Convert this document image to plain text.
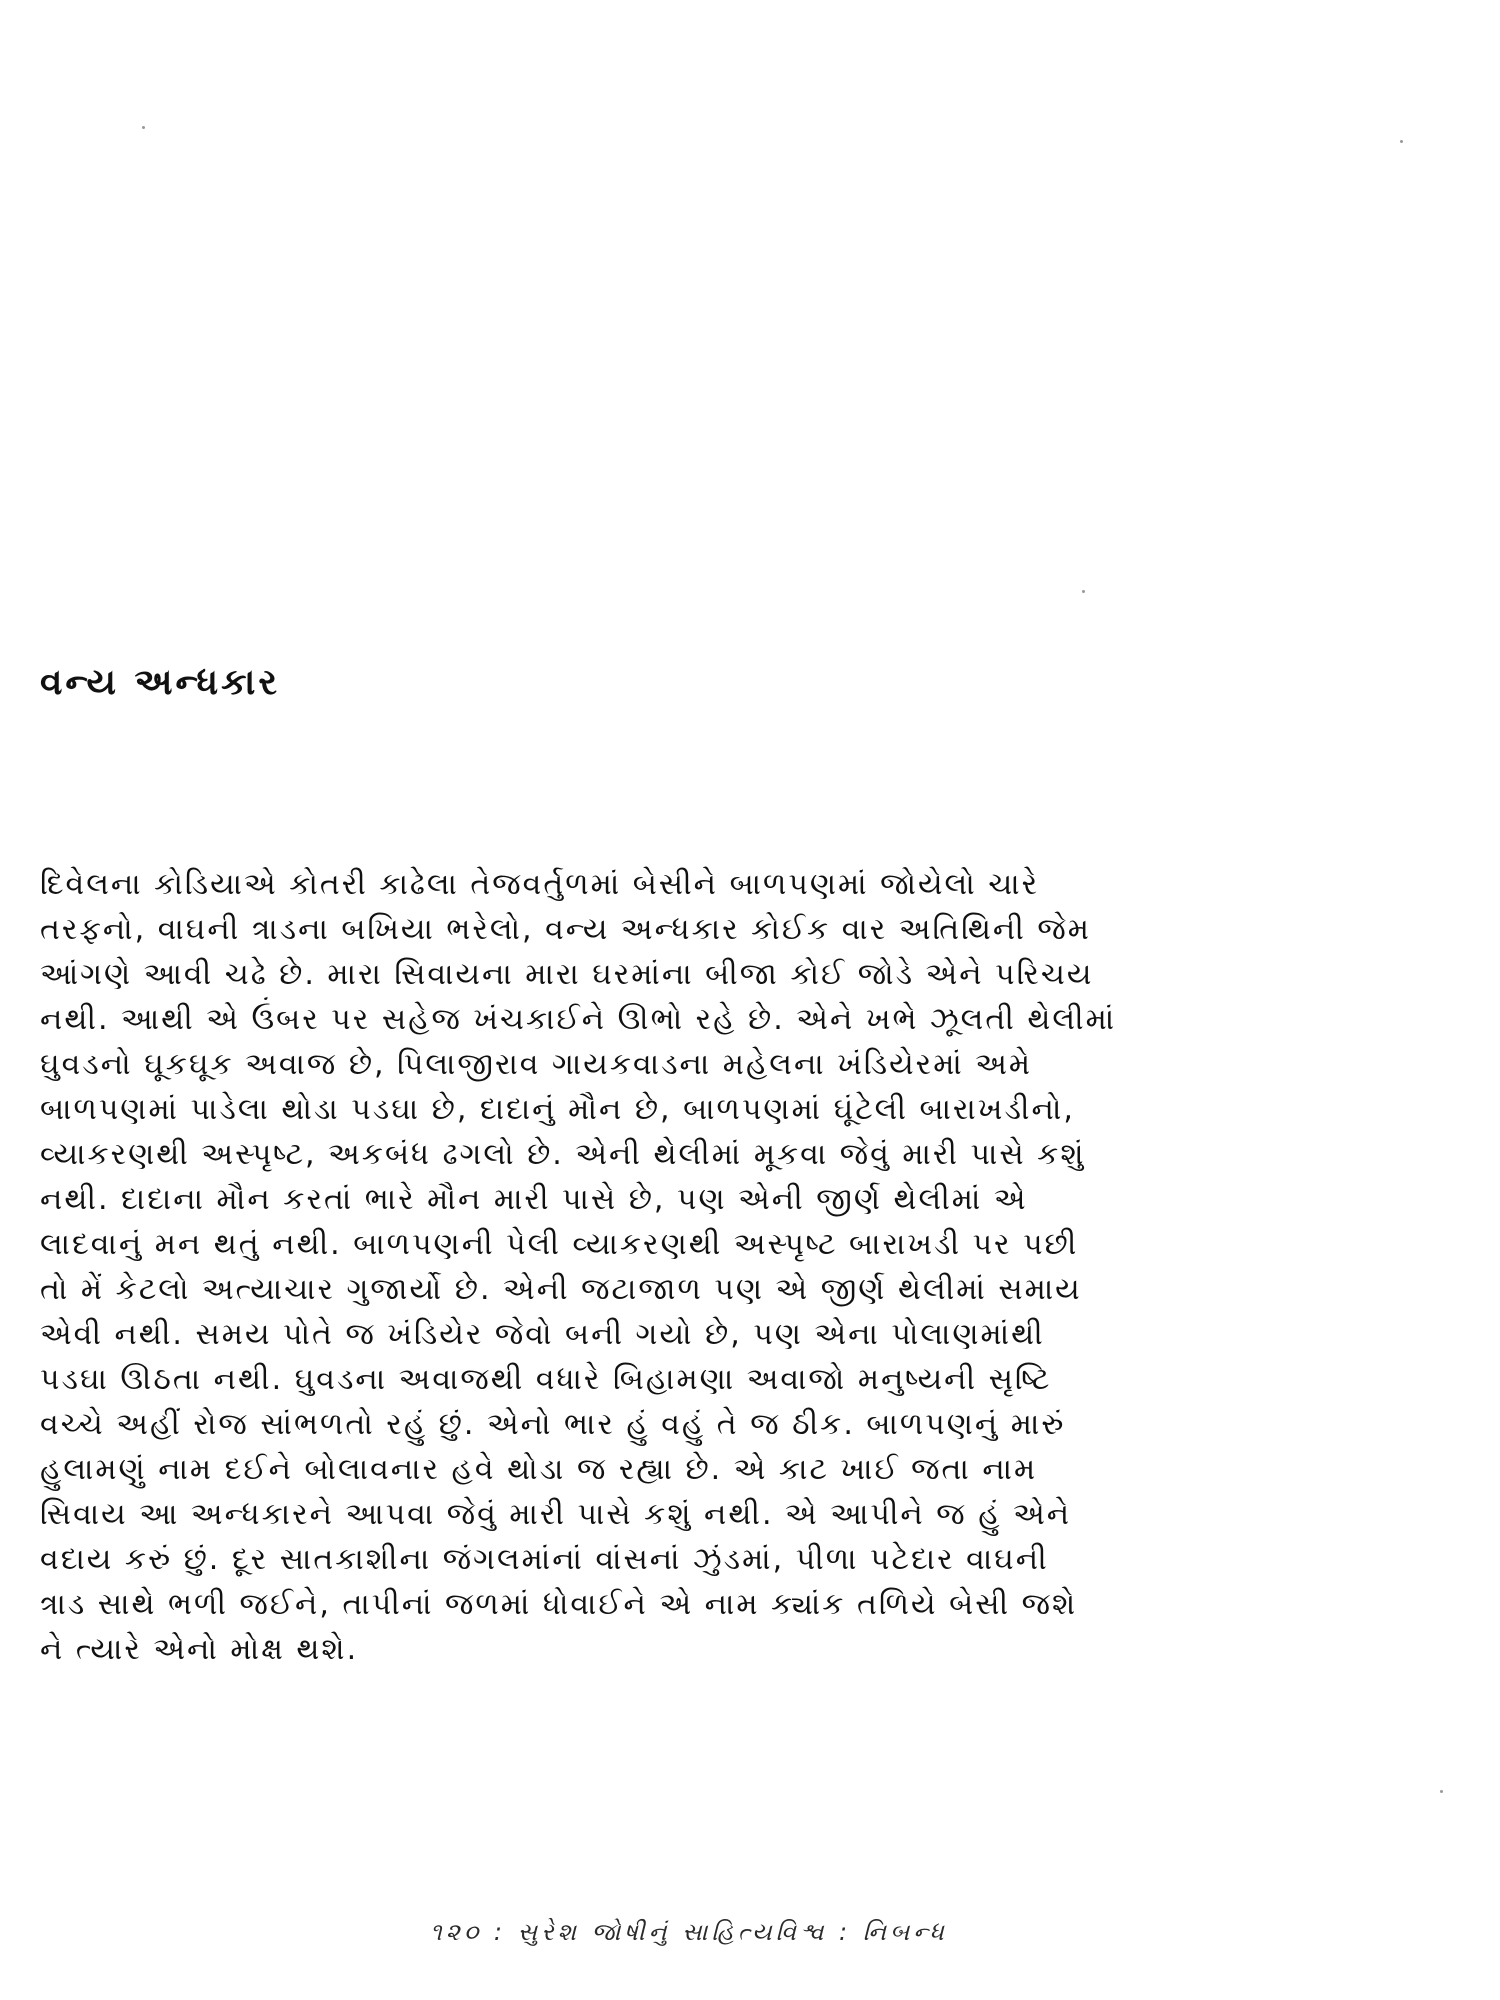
વન્ય અન્ધકાર
દિવેલના કોડિયાએ કોતરી કાઢેલા તેજવર્તુળમાં બેસીને બાળપણમાં જોયેલો ચારે
તરફનો, વાઘની ત્રાડના બખિયા ભરેલો, વન્ય અન્ધકાર કોઈક વાર અતિથિની જેમ
આંગણે આવી ચઢે છે. મારા સિવાયના મારા ઘરમાંના બીજા કોઈ જોડે એને પરિચય
નથી. આથી એ ઉંબર પર સહેજ ખંચકાઈને ઊભો રહે છે. એને ખભે ઝૂલતી થેલીમાં
ઘુવડનો ઘૂકઘૂક અવાજ છે, પિલાજીરાવ ગાયકવાડના મહેલના ખંડિયેરમાં અમે
બાળપણમાં પાડેલા થોડા પડઘા છે, દાદાનું મૌન છે, બાળપણમાં ઘૂંટેલી બારાખડીનો,
વ્યાકરણથી અસ્પૃષ્ટ, અકબંધ ઢગલો છે. એની થેલીમાં મૂકવા જેવું મારી પાસે કશું
નથી. દાદાના મૌન કરતાં ભારે મૌન મારી પાસે છે, પણ એની જીર્ણ થેલીમાં એ
લાદવાનું મન થતું નથી. બાળપણની પેલી વ્યાકરણથી અસ્પૃષ્ટ બારાખડી પર પછી
તો મેં કેટલો અત્યાચાર ગુજાર્યો છે. એની જટાજાળ પણ એ જીર્ણ થેલીમાં સમાય
એવી નથી. સમય પોતે જ ખંડિયેર જેવો બની ગયો છે, પણ એના પોલાણમાંથી
પડઘા ઊઠતા નથી. ઘુવડના અવાજથી વધારે બિહામણા અવાજો મનુષ્યની સૃષ્ટિ
વચ્ચે અહીં રોજ સાંભળતો રહું છું. એનો ભાર હું વહું તે જ ઠીક. બાળપણનું મારું
હુલામણું નામ દઈને બોલાવનાર હવે થોડા જ રહ્યા છે. એ કાટ ખાઈ જતા નામ
સિવાય આ અન્ધકારને આપવા જેવું મારી પાસે કશું નથી. એ આપીને જ હું એને
વદાય કરું છું. દૂર સાતકાશીના જંગલમાંનાં વાંસનાં ઝુંડમાં, પીળા પટેદાર વાઘની
ત્રાડ સાથે ભળી જઈને, તાપીનાં જળમાં ધોવાઈને એ નામ ક્યાંક તળિયે બેસી જશે
ને ત્યારે એનો મોક્ષ થશે.
૧૨૦ : સુરેશ જોષીનું સાહિત્યવિશ્વ : નિબન્ધ
